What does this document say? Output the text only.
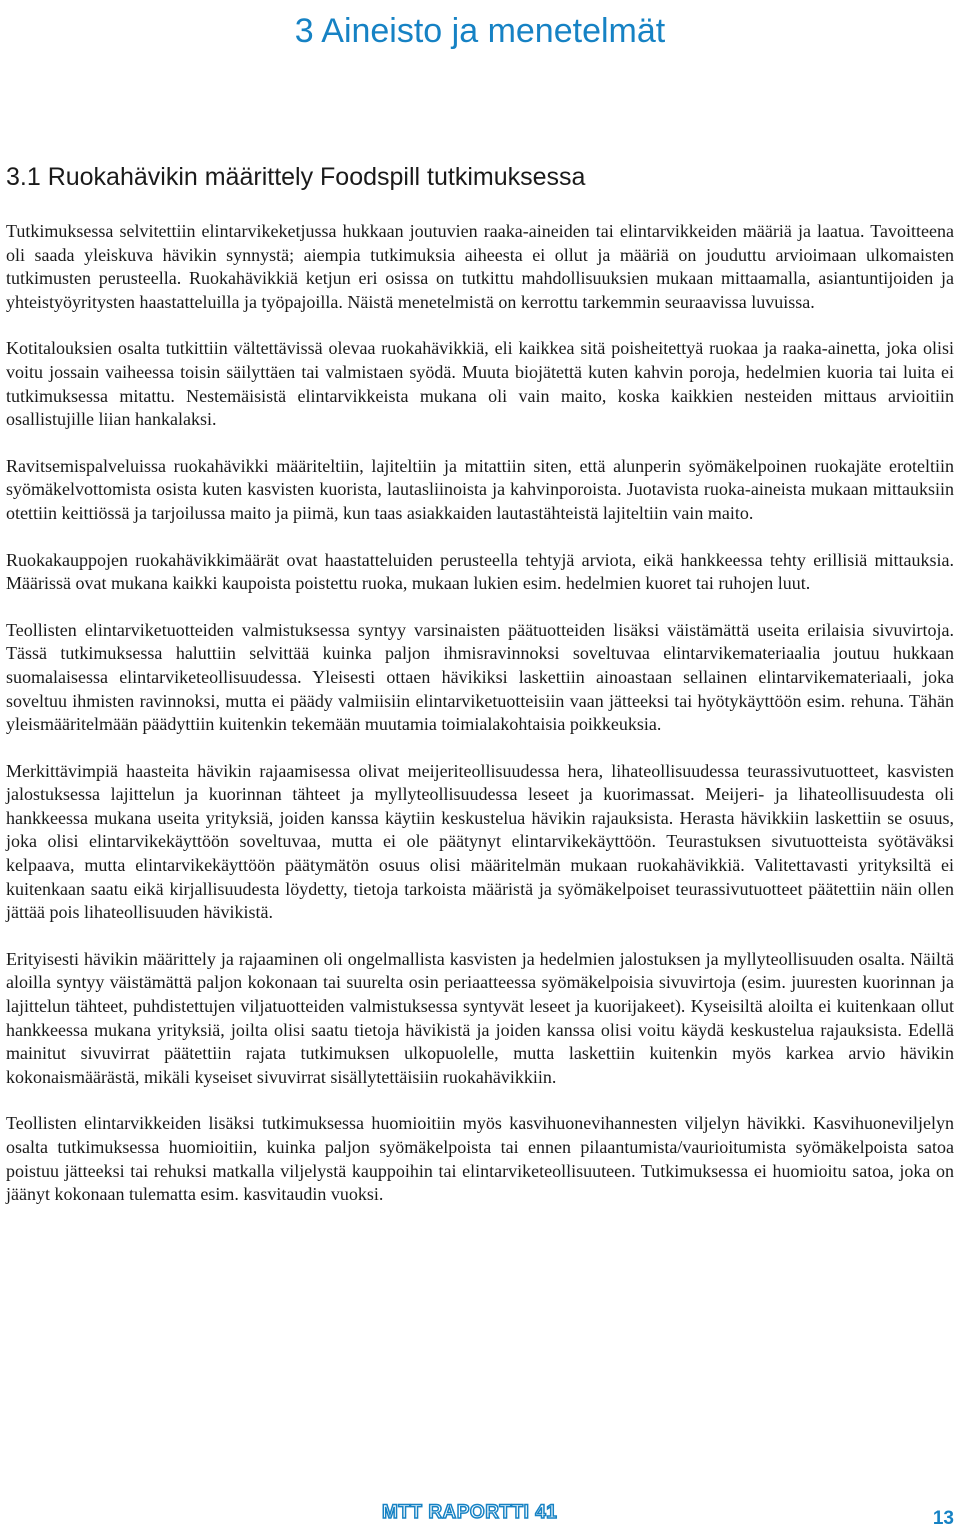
3 Aineisto ja menetelmät
3.1 Ruokahävikin määrittely Foodspill tutkimuksessa

Tutkimuksessa selvitettiin elintarvikeketjussa hukkaan joutuvien raaka-aineiden tai elintarvikkeiden määriä ja laatua. Tavoitteena oli saada yleiskuva hävikin synnystä; aiempia tutkimuksia aiheesta ei ollut ja määriä on jouduttu arvioimaan ulkomaisten tutkimusten perusteella. Ruokahävikkiä ketjun eri osissa on tutkittu mahdollisuuksien mukaan mittaamalla, asiantuntijoiden ja yhteistyöyritysten haastatteluilla ja työpajoilla. Näistä menetelmistä on kerrottu tarkemmin seuraavissa luvuissa.

Kotitalouksien osalta tutkittiin vältettävissä olevaa ruokahävikkiä, eli kaikkea sitä poisheitettyä ruokaa ja raaka-ainetta, joka olisi voitu jossain vaiheessa toisin säilyttäen tai valmistaen syödä. Muuta biojätettä kuten kahvin poroja, hedelmien kuoria tai luita ei tutkimuksessa mitattu. Nestemäisistä elintarvikkeista mukana oli vain maito, koska kaikkien nesteiden mittaus arvioitiin osallistujille liian hankalaksi.

Ravitsemispalveluissa ruokahävikki määriteltiin, lajiteltiin ja mitattiin siten, että alunperin syömäkelpoinen ruokajäte eroteltiin syömäkelvottomista osista kuten kasvisten kuorista, lautasliinoista ja kahvinporoista. Juotavista ruoka-aineista mukaan mittauksiin otettiin keittiössä ja tarjoilussa maito ja piimä, kun taas asiakkaiden lautastähteistä lajiteltiin vain maito.

Ruokakauppojen ruokahävikkimäärät ovat haastatteluiden perusteella tehtyjä arviota, eikä hankkeessa tehty erillisiä mittauksia. Määrissä ovat mukana kaikki kaupoista poistettu ruoka, mukaan lukien esim. hedelmien kuoret tai ruhojen luut.

Teollisten elintarviketuotteiden valmistuksessa syntyy varsinaisten päätuotteiden lisäksi väistämättä useita erilaisia sivuvirtoja. Tässä tutkimuksessa haluttiin selvittää kuinka paljon ihmisravinnoksi soveltuvaa elintarvikemateriaalia joutuu hukkaan suomalaisessa elintarviketeollisuudessa. Yleisesti ottaen hävikiksi laskettiin ainoastaan sellainen elintarvikemateriaali, joka soveltuu ihmisten ravinnoksi, mutta ei päädy valmiisiin elintarviketuotteisiin vaan jätteeksi tai hyötykäyttöön esim. rehuna. Tähän yleismääritelmään päädyttiin kuitenkin tekemään muutamia toimialakohtaisia poikkeuksia.

Merkittävimpiä haasteita hävikin rajaamisessa olivat meijeriteollisuudessa hera, lihateollisuudessa teurassivutuotteet, kasvisten jalostuksessa lajittelun ja kuorinnan tähteet ja myllyteollisuudessa leseet ja kuorimassat. Meijeri- ja lihateollisuudesta oli hankkeessa mukana useita yrityksiä, joiden kanssa käytiin keskustelua hävikin rajauksista. Herasta hävikkiin laskettiin se osuus, joka olisi elintarvikekäyttöön soveltuvaa, mutta ei ole päätynyt elintarvikekäyttöön. Teurastuksen sivutuotteista syötäväksi kelpaava, mutta elintarvikekäyttöön päätymätön osuus olisi määritelmän mukaan ruokahävikkiä. Valitettavasti yrityksiltä ei kuitenkaan saatu eikä kirjallisuudesta löydetty, tietoja tarkoista määristä ja syömäkelpoiset teurassivutuotteet päätettiin näin ollen jättää pois lihateollisuuden hävikistä.

Erityisesti hävikin määrittely ja rajaaminen oli ongelmallista kasvisten ja hedelmien jalostuksen ja myllyteollisuuden osalta. Näiltä aloilla syntyy väistämättä paljon kokonaan tai suurelta osin periaatteessa syömäkelpoisia sivuvirtoja (esim. juuresten kuorinnan ja lajittelun tähteet, puhdistettujen viljatuotteiden valmistuksessa syntyvät leseet ja kuorijakeet). Kyseisiltä aloilta ei kuitenkaan ollut hankkeessa mukana yrityksiä, joilta olisi saatu tietoja hävikistä ja joiden kanssa olisi voitu käydä keskustelua rajauksista. Edellä mainitut sivuvirrat päätettiin rajata tutkimuksen ulkopuolelle, mutta laskettiin kuitenkin myös karkea arvio hävikin kokonaismäärästä, mikäli kyseiset sivuvirrat sisällytettäisiin ruokahävikkiin.

Teollisten elintarvikkeiden lisäksi tutkimuksessa huomioitiin myös kasvihuonevihannesten viljelyn hävikki. Kasvihuoneviljelyn osalta tutkimuksessa huomioitiin, kuinka paljon syömäkelpoista tai ennen pilaantumista/vaurioitumista syömäkelpoista satoa poistuu jätteeksi tai rehuksi matkalla viljelystä kauppoihin tai elintarviketeollisuuteen. Tutkimuksessa ei huomioitu satoa, joka on jäänyt kokonaan tulematta esim. kasvitaudin vuoksi.

MTT RAPORTTI 41	13
